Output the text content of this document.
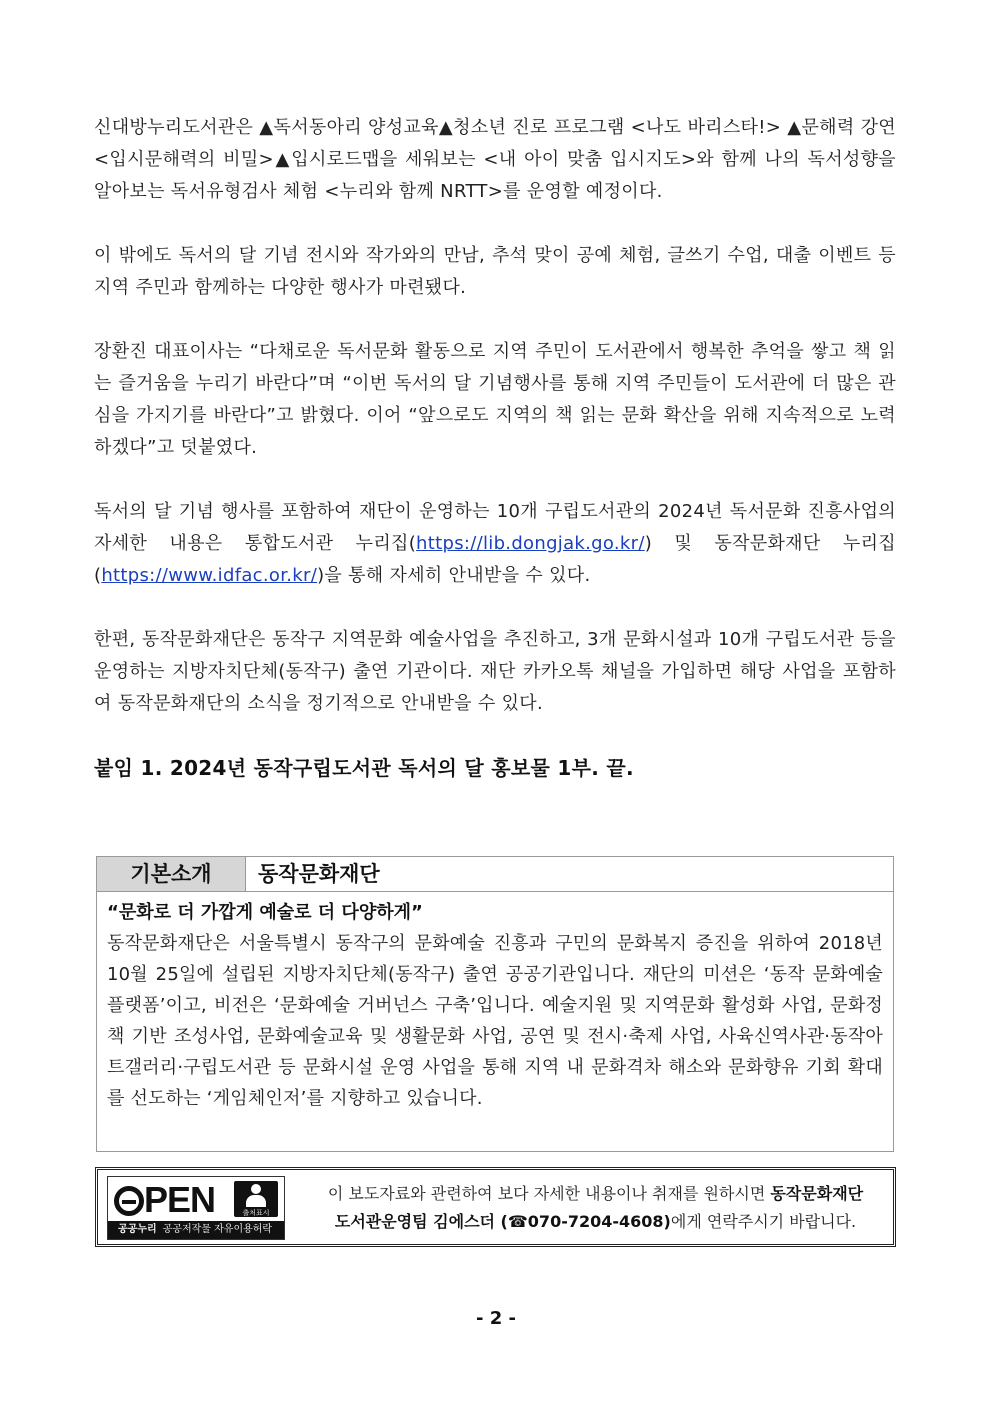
신대방누리도서관은 ▲독서동아리 양성교육▲청소년 진로 프로그램 <나도 바리스타!> ▲문해력 강연 <입시문해력의 비밀>▲입시로드맵을 세워보는 <내 아이 맞춤 입시지도>와 함께 나의 독서성향을 알아보는 독서유형검사 체험 <누리와 함께 NRTT>를 운영할 예정이다.
이 밖에도 독서의 달 기념 전시와 작가와의 만남, 추석 맞이 공예 체험, 글쓰기 수업, 대출 이벤트 등 지역 주민과 함께하는 다양한 행사가 마련됐다.
장환진 대표이사는 “다채로운 독서문화 활동으로 지역 주민이 도서관에서 행복한 추억을 쌓고 책 읽는 즐거움을 누리기 바란다”며 “이번 독서의 달 기념행사를 통해 지역 주민들이 도서관에 더 많은 관심을 가지기를 바란다”고 밝혔다. 이어 “앞으로도 지역의 책 읽는 문화 확산을 위해 지속적으로 노력하겠다”고 덧붙였다.
독서의 달 기념 행사를 포함하여 재단이 운영하는 10개 구립도서관의 2024년 독서문화 진흥사업의 자세한 내용은 통합도서관 누리집(https://lib.dongjak.go.kr/) 및 동작문화재단 누리집 (https://www.idfac.or.kr/)을 통해 자세히 안내받을 수 있다.
한편, 동작문화재단은 동작구 지역문화 예술사업을 추진하고, 3개 문화시설과 10개 구립도서관 등을 운영하는 지방자치단체(동작구) 출연 기관이다. 재단 카카오톡 채널을 가입하면 해당 사업을 포함하여 동작문화재단의 소식을 정기적으로 안내받을 수 있다.
붙임 1. 2024년 동작구립도서관 독서의 달 홍보물 1부. 끝.
기본소개	동작문화재단
“문화로 더 가깝게 예술로 더 다양하게”
동작문화재단은 서울특별시 동작구의 문화예술 진흥과 구민의 문화복지 증진을 위하여 2018년 10월 25일에 설립된 지방자치단체(동작구) 출연 공공기관입니다. 재단의 미션은 ‘동작 문화예술 플랫폼’이고, 비전은 ‘문화예술 거버넌스 구축’입니다. 예술지원 및 지역문화 활성화 사업, 문화정책 기반 조성사업, 문화예술교육 및 생활문화 사업, 공연 및 전시·축제 사업, 사육신역사관·동작아트갤러리·구립도서관 등 문화시설 운영 사업을 통해 지역 내 문화격차 해소와 문화향유 기회 확대를 선도하는 ‘게임체인저’를 지향하고 있습니다.
PEN	출처표시
공공누리 공공저작물 자유이용허락
이 보도자료와 관련하여 보다 자세한 내용이나 취재를 원하시면 동작문화재단
도서관운영팀 김에스더 (☎070-7204-4608)에게 연락주시기 바랍니다.
- 2 -
